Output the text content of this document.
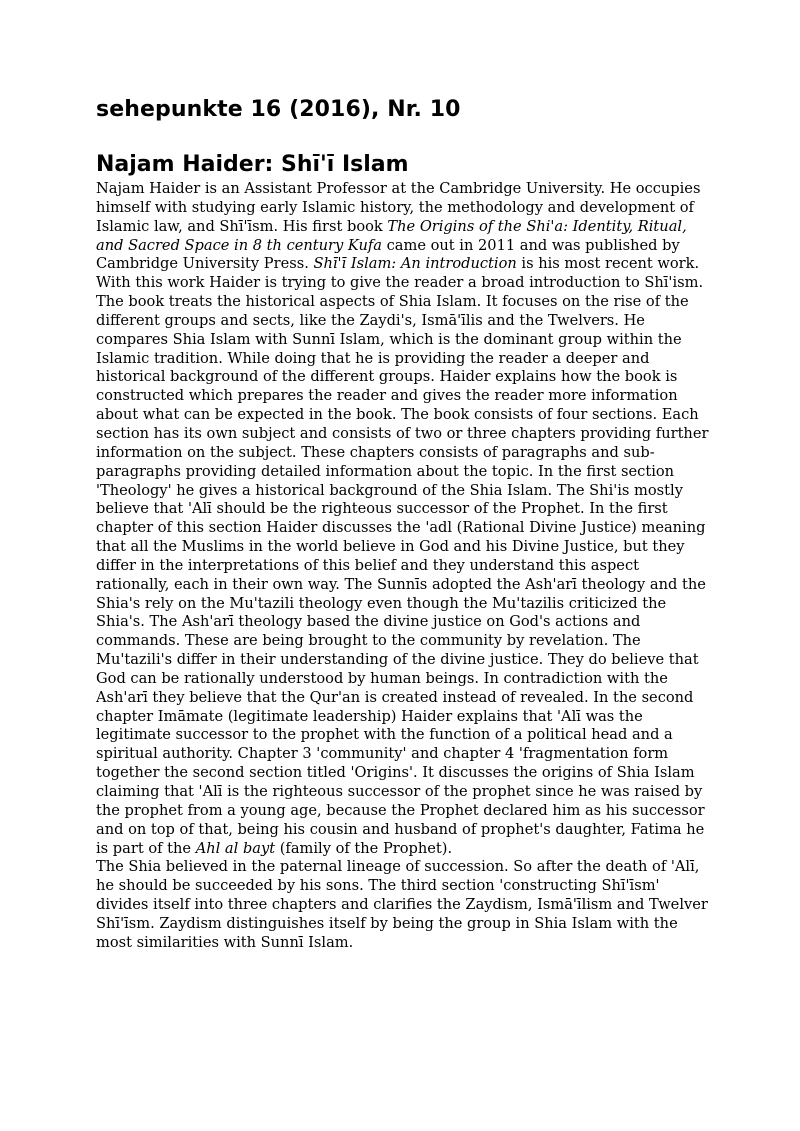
sehepunkte 16 (2016), Nr. 10
Najam Haider: Shī'ī Islam

Najam Haider is an Assistant Professor at the Cambridge University. He occupies himself with studying early Islamic history, the methodology and development of Islamic law, and Shī'īsm. His first book The Origins of the Shi'a: Identity, Ritual, and Sacred Space in 8 th century Kufa came out in 2011 and was published by Cambridge University Press. Shī'ī Islam: An introduction is his most recent work. With this work Haider is trying to give the reader a broad introduction to Shī'ism. The book treats the historical aspects of Shia Islam. It focuses on the rise of the different groups and sects, like the Zaydi's, Ismā'īlis and the Twelvers. He compares Shia Islam with Sunnī Islam, which is the dominant group within the Islamic tradition. While doing that he is providing the reader a deeper and historical background of the different groups. Haider explains how the book is constructed which prepares the reader and gives the reader more information about what can be expected in the book. The book consists of four sections. Each section has its own subject and consists of two or three chapters providing further information on the subject. These chapters consists of paragraphs and sub-paragraphs providing detailed information about the topic. In the first section 'Theology' he gives a historical background of the Shia Islam. The Shi'is mostly believe that 'Alī should be the righteous successor of the Prophet. In the first chapter of this section Haider discusses the 'adl (Rational Divine Justice) meaning that all the Muslims in the world believe in God and his Divine Justice, but they differ in the interpretations of this belief and they understand this aspect rationally, each in their own way. The Sunnīs adopted the Ash'arī theology and the Shia's rely on the Mu'tazili theology even though the Mu'tazilis criticized the Shia's. The Ash'arī theology based the divine justice on God's actions and commands. These are being brought to the community by revelation. The Mu'tazili's differ in their understanding of the divine justice. They do believe that God can be rationally understood by human beings. In contradiction with the Ash'arī they believe that the Qur'an is created instead of revealed. In the second chapter Imāmate (legitimate leadership) Haider explains that 'Alī was the legitimate successor to the prophet with the function of a political head and a spiritual authority. Chapter 3 'community' and chapter 4 'fragmentation form together the second section titled 'Origins'. It discusses the origins of Shia Islam claiming that 'Alī is the righteous successor of the prophet since he was raised by the prophet from a young age, because the Prophet declared him as his successor and on top of that, being his cousin and husband of prophet's daughter, Fatima he is part of the Ahl al bayt (family of the Prophet).

The Shia believed in the paternal lineage of succession. So after the death of 'Alī, he should be succeeded by his sons. The third section 'constructing Shī'īsm' divides itself into three chapters and clarifies the Zaydism, Ismā'īlism and Twelver Shī'īsm. Zaydism distinguishes itself by being the group in Shia Islam with the most similarities with Sunnī Islam.
